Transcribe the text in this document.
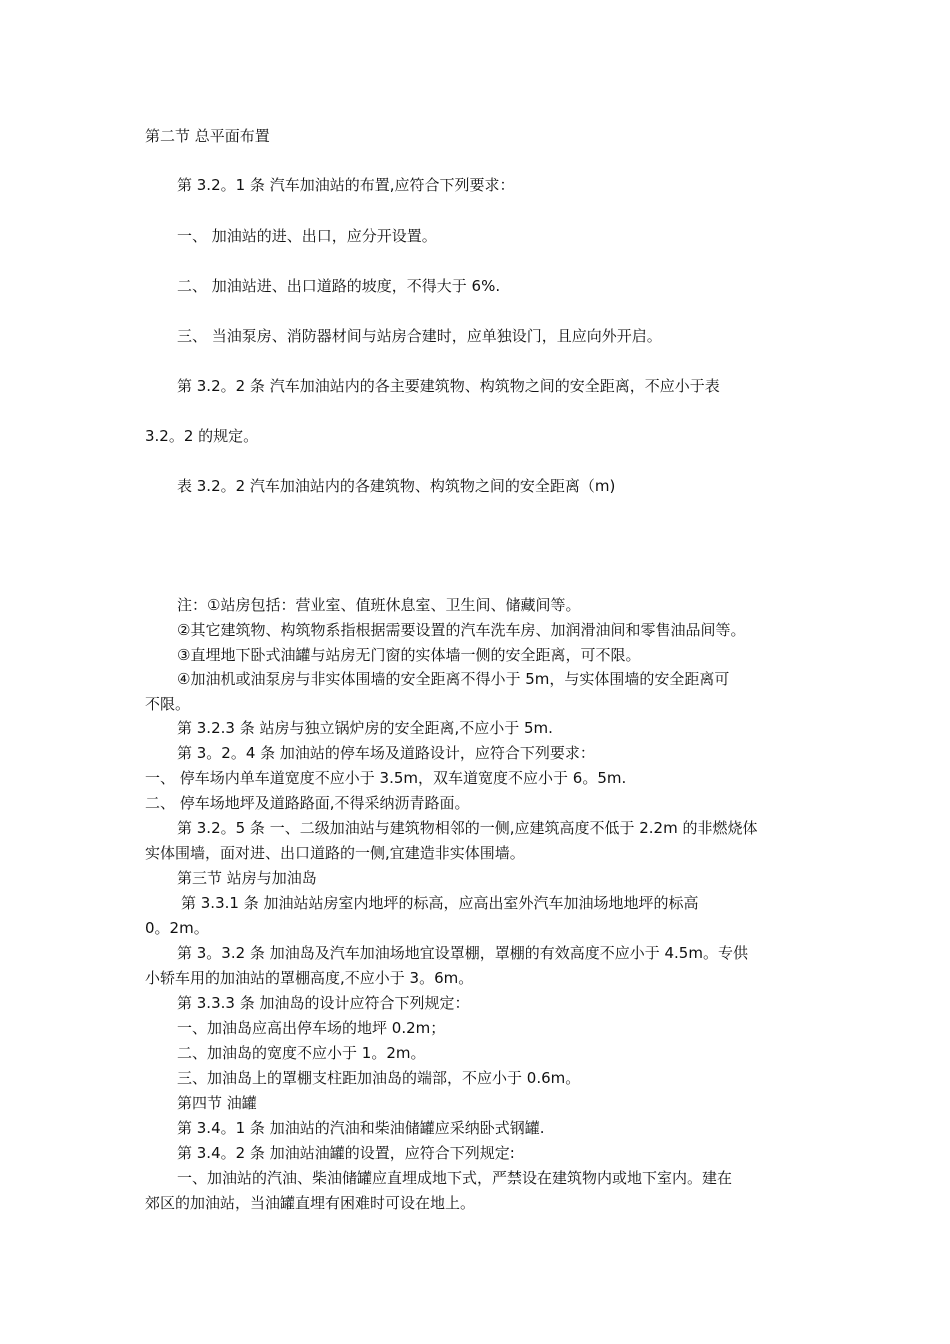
第二节 总平面布置
第 3.2。1 条 汽车加油站的布置,应符合下列要求：
一、 加油站的进、出口，应分开设置。
二、 加油站进、出口道路的坡度，不得大于 6%.
三、 当油泵房、消防器材间与站房合建时，应单独设门，且应向外开启。
第 3.2。2 条 汽车加油站内的各主要建筑物、构筑物之间的安全距离，不应小于表
3.2。2 的规定。
表 3.2。2 汽车加油站内的各建筑物、构筑物之间的安全距离（m)
注：①站房包括：营业室、值班休息室、卫生间、储藏间等。
②其它建筑物、构筑物系指根据需要设置的汽车洗车房、加润滑油间和零售油品间等。
③直埋地下卧式油罐与站房无门窗的实体墙一侧的安全距离，可不限。
④加油机或油泵房与非实体围墙的安全距离不得小于 5m，与实体围墙的安全距离可
不限。
第 3.2.3 条 站房与独立锅炉房的安全距离,不应小于 5m.
第 3。2。4 条 加油站的停车场及道路设计，应符合下列要求：
一、 停车场内单车道宽度不应小于 3.5m，双车道宽度不应小于 6。5m.
二、 停车场地坪及道路路面,不得采纳沥青路面。
第 3.2。5 条 一、二级加油站与建筑物相邻的一侧,应建筑高度不低于 2.2m 的非燃烧体
实体围墙，面对进、出口道路的一侧,宜建造非实体围墙。
第三节 站房与加油岛
第 3.3.1 条 加油站站房室内地坪的标高，应高出室外汽车加油场地地坪的标高
0。2m。
第 3。3.2 条 加油岛及汽车加油场地宜设罩棚，罩棚的有效高度不应小于 4.5m。专供
小轿车用的加油站的罩棚高度,不应小于 3。6m。
第 3.3.3 条 加油岛的设计应符合下列规定：
一、加油岛应高出停车场的地坪 0.2m；
二、加油岛的宽度不应小于 1。2m。
三、加油岛上的罩棚支柱距加油岛的端部，不应小于 0.6m。
第四节 油罐
第 3.4。1 条 加油站的汽油和柴油储罐应采纳卧式钢罐.
第 3.4。2 条 加油站油罐的设置，应符合下列规定:
一、加油站的汽油、柴油储罐应直埋成地下式，严禁设在建筑物内或地下室内。建在
郊区的加油站，当油罐直埋有困难时可设在地上。
